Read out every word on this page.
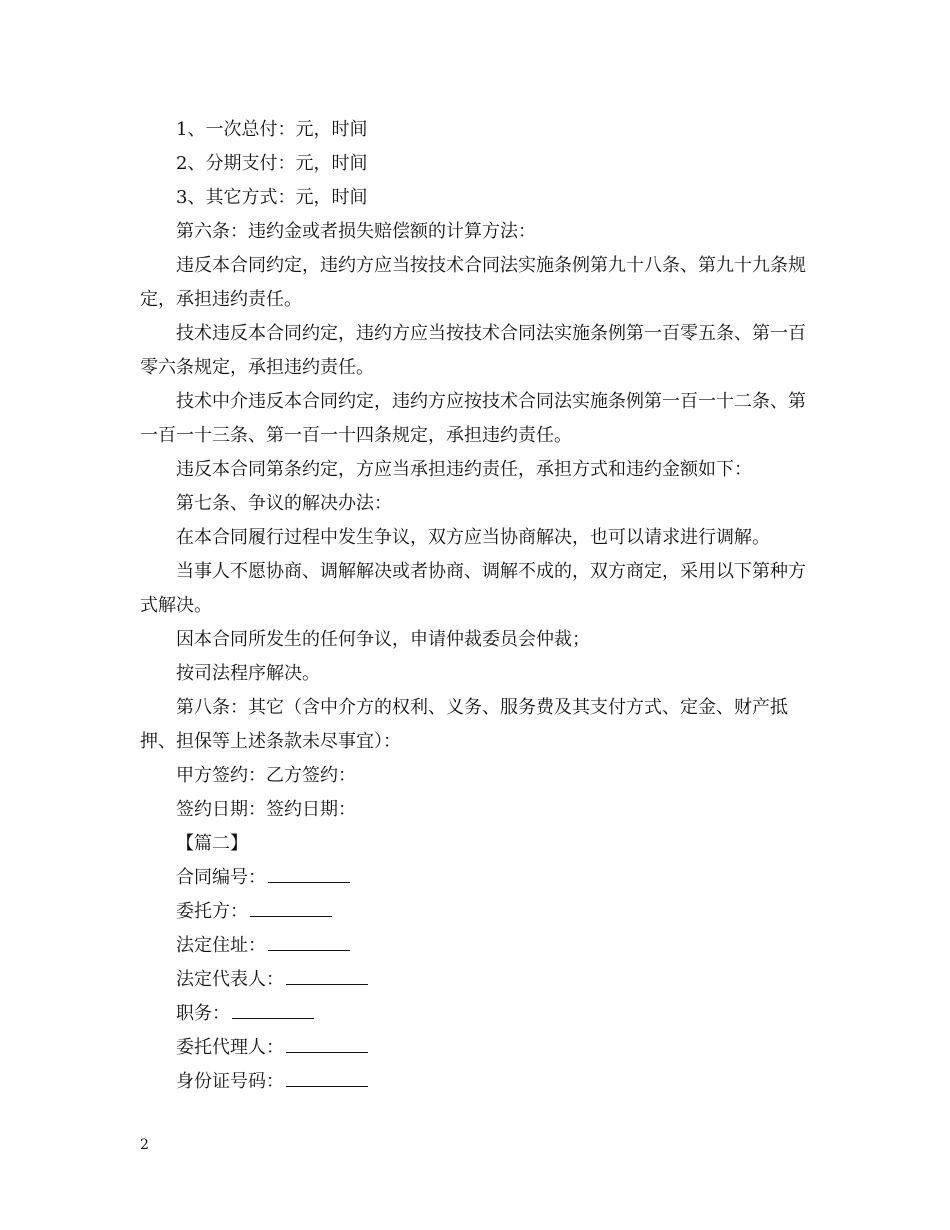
1、一次总付：元，时间

2、分期支付：元，时间

3、其它方式：元，时间

第六条：违约金或者损失赔偿额的计算方法：

违反本合同约定，违约方应当按技术合同法实施条例第九十八条、第九十九条规定，承担违约责任。

技术违反本合同约定，违约方应当按技术合同法实施条例第一百零五条、第一百零六条规定，承担违约责任。

技术中介违反本合同约定，违约方应按技术合同法实施条例第一百一十二条、第一百一十三条、第一百一十四条规定，承担违约责任。

违反本合同第条约定，方应当承担违约责任，承担方式和违约金额如下：

第七条、争议的解决办法：

在本合同履行过程中发生争议，双方应当协商解决，也可以请求进行调解。

当事人不愿协商、调解解决或者协商、调解不成的，双方商定，采用以下第种方式解决。

因本合同所发生的任何争议，申请仲裁委员会仲裁；

按司法程序解决。

第八条：其它（含中介方的权利、义务、服务费及其支付方式、定金、财产抵押、担保等上述条款未尽事宜）：

甲方签约：乙方签约：

签约日期：签约日期：

【篇二】

合同编号：

委托方：

法定住址：

法定代表人：

职务：

委托代理人：

身份证号码：

2
